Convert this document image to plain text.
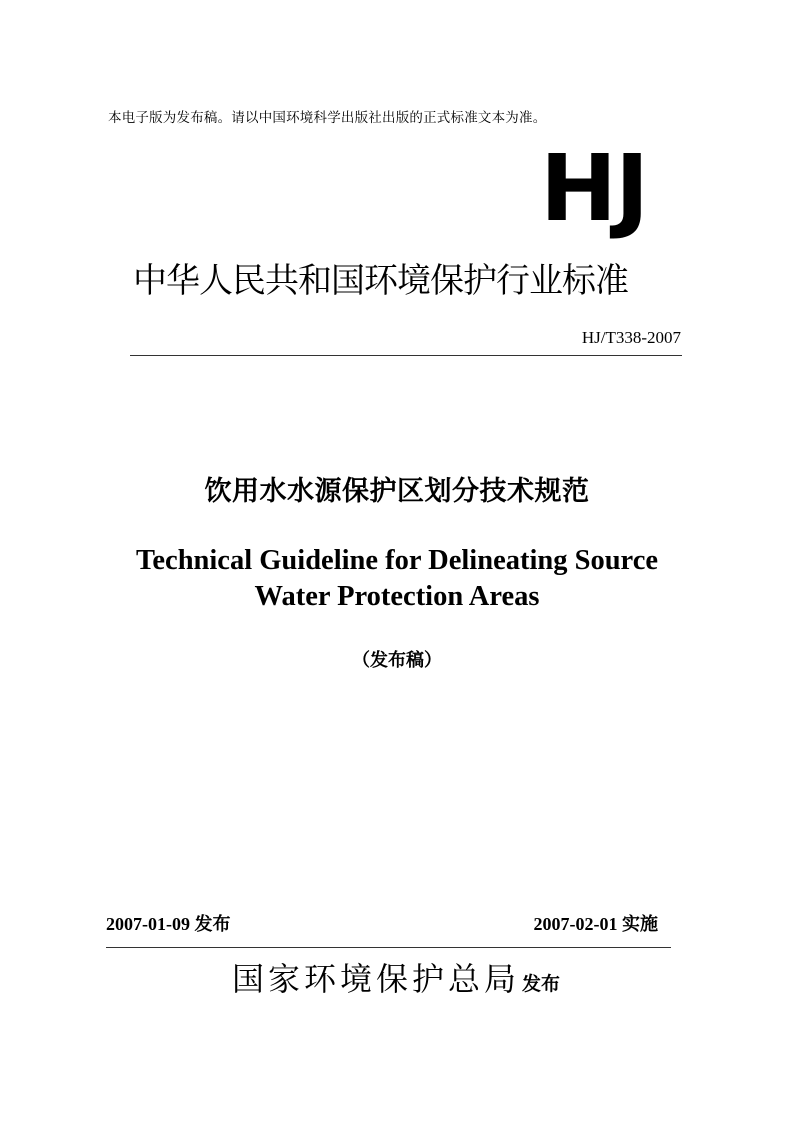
本电子版为发布稿。请以中国环境科学出版社出版的正式标准文本为准。
HJ
中华人民共和国环境保护行业标准
HJ/T338-2007
饮用水水源保护区划分技术规范
Technical Guideline for Delineating Source
Water Protection Areas
（发布稿）
2007-01-09 发布	2007-02-01 实施
国家环境保护总局 发布
